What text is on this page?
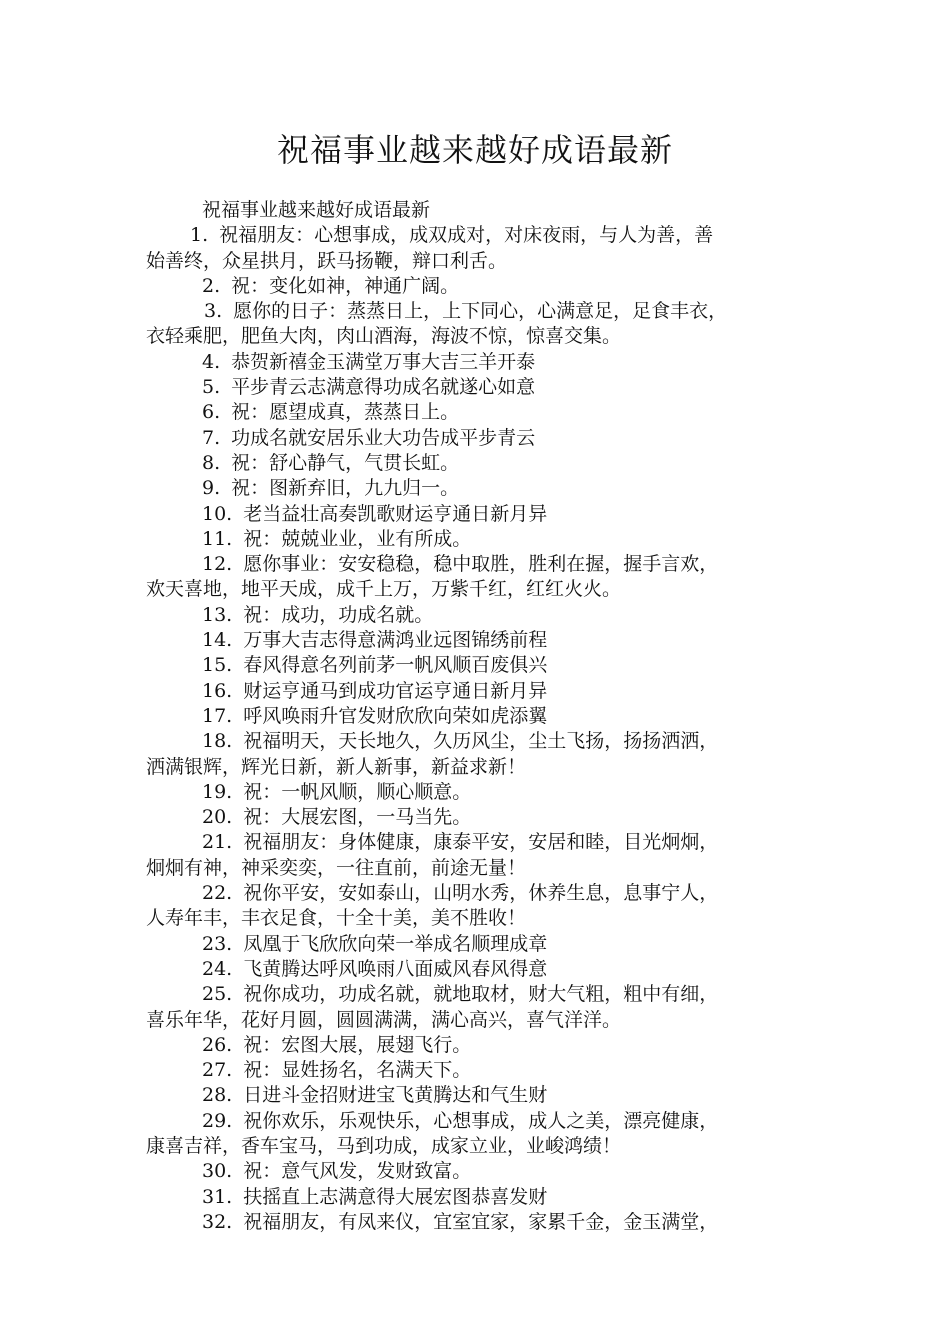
祝福事业越来越好成语最新

祝福事业越来越好成语最新

1. 祝福朋友：心想事成，成双成对，对床夜雨，与人为善，善
始善终，众星拱月，跃马扬鞭，辩口利舌。

2. 祝：变化如神，神通广阔。

3. 愿你的日子：蒸蒸日上，上下同心，心满意足，足食丰衣，
衣轻乘肥，肥鱼大肉，肉山酒海，海波不惊，惊喜交集。

4. 恭贺新禧金玉满堂万事大吉三羊开泰

5. 平步青云志满意得功成名就遂心如意

6. 祝：愿望成真，蒸蒸日上。

7. 功成名就安居乐业大功告成平步青云

8. 祝：舒心静气，气贯长虹。

9. 祝：图新弃旧，九九归一。

10. 老当益壮高奏凯歌财运亨通日新月异

11. 祝：兢兢业业，业有所成。

12. 愿你事业：安安稳稳，稳中取胜，胜利在握，握手言欢，
欢天喜地，地平天成，成千上万，万紫千红，红红火火。

13. 祝：成功，功成名就。

14. 万事大吉志得意满鸿业远图锦绣前程

15. 春风得意名列前茅一帆风顺百废俱兴

16. 财运亨通马到成功官运亨通日新月异

17. 呼风唤雨升官发财欣欣向荣如虎添翼

18. 祝福明天，天长地久，久历风尘，尘土飞扬，扬扬洒洒，
洒满银辉，辉光日新，新人新事，新益求新！

19. 祝：一帆风顺，顺心顺意。

20. 祝：大展宏图，一马当先。

21. 祝福朋友：身体健康，康泰平安，安居和睦，目光炯炯，
炯炯有神，神采奕奕，一往直前，前途无量！

22. 祝你平安，安如泰山，山明水秀，休养生息，息事宁人，
人寿年丰，丰衣足食，十全十美，美不胜收！

23. 凤凰于飞欣欣向荣一举成名顺理成章

24. 飞黄腾达呼风唤雨八面威风春风得意

25. 祝你成功，功成名就，就地取材，财大气粗，粗中有细，
喜乐年华，花好月圆，圆圆满满，满心高兴，喜气洋洋。

26. 祝：宏图大展，展翅飞行。

27. 祝：显姓扬名，名满天下。

28. 日进斗金招财进宝飞黄腾达和气生财

29. 祝你欢乐，乐观快乐，心想事成，成人之美，漂亮健康，
康喜吉祥，香车宝马，马到功成，成家立业，业峻鸿绩！

30. 祝：意气风发，发财致富。

31. 扶摇直上志满意得大展宏图恭喜发财

32. 祝福朋友，有凤来仪，宜室宜家，家累千金，金玉满堂，
